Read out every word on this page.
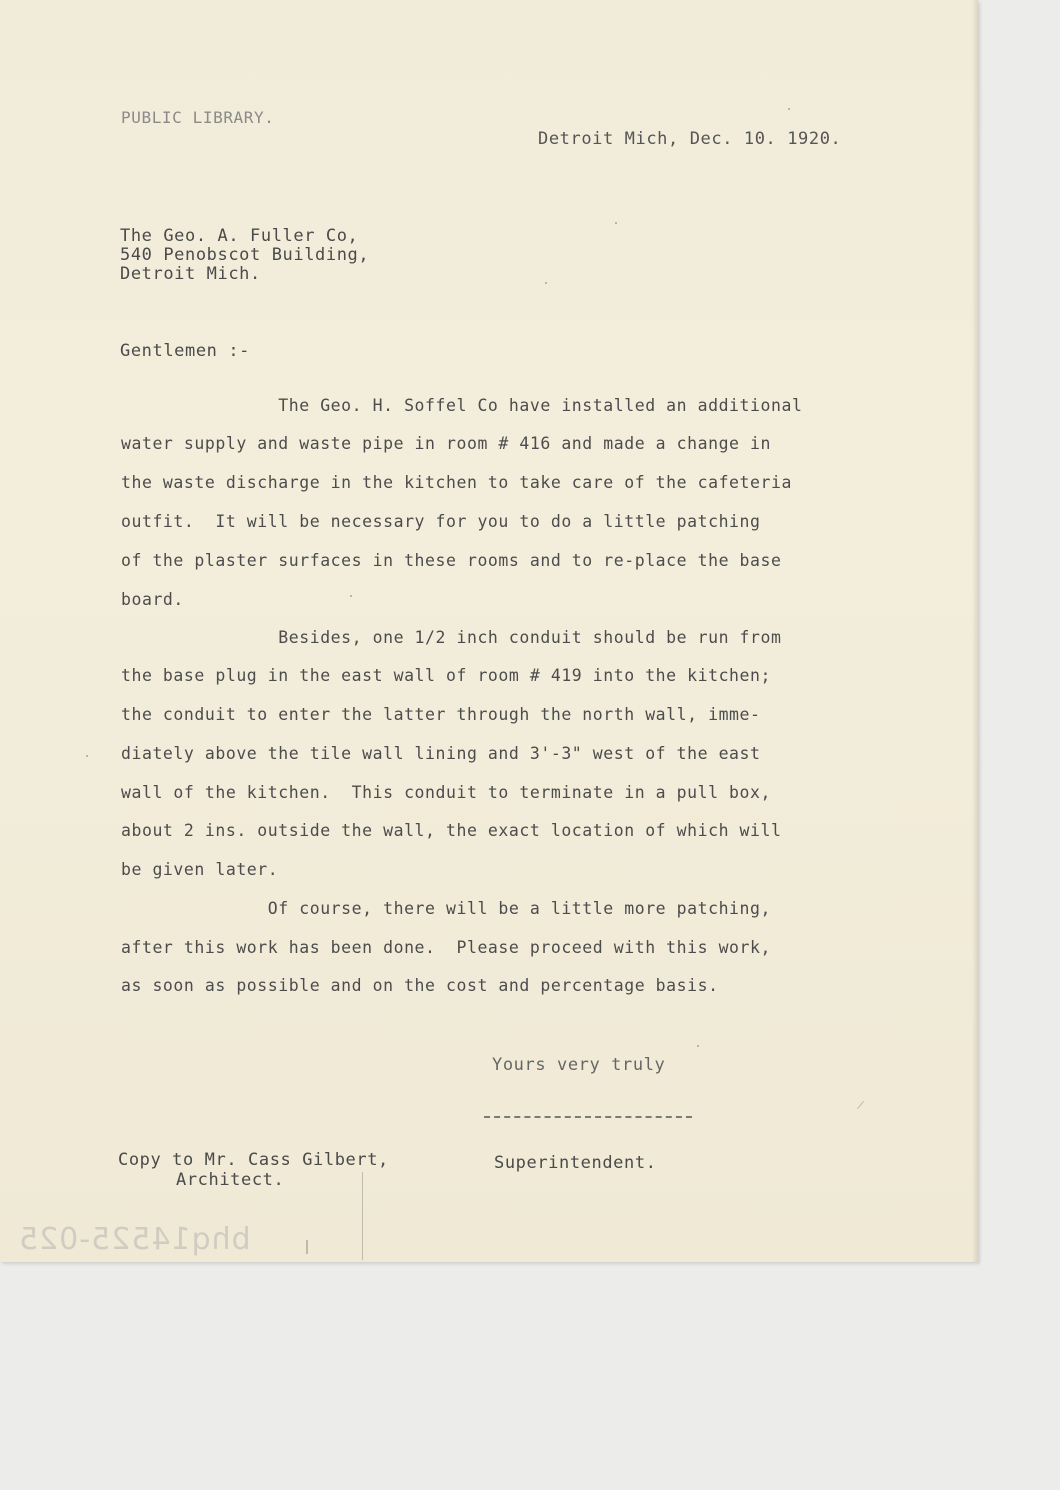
PUBLIC LIBRARY.
Detroit Mich, Dec. 10. 1920.
The Geo. A. Fuller Co,
540 Penobscot Building,
Detroit Mich.
Gentlemen :-
The Geo. H. Soffel Co have installed an additional
water supply and waste pipe in room # 416 and made a change in
the waste discharge in the kitchen to take care of the cafeteria
outfit.  It will be necessary for you to do a little patching
of the plaster surfaces in these rooms and to re-place the base
board.
Besides, one 1/2 inch conduit should be run from
the base plug in the east wall of room # 419 into the kitchen;
the conduit to enter the latter through the north wall, imme-
diately above the tile wall lining and 3'-3" west of the east
wall of the kitchen.  This conduit to terminate in a pull box,
about 2 ins. outside the wall, the exact location of which will
be given later.
Of course, there will be a little more patching,
after this work has been done.  Please proceed with this work,
as soon as possible and on the cost and percentage basis.
Yours very truly
Superintendent.
Copy to Mr. Cass Gilbert,
Architect.
bhq14525-025
